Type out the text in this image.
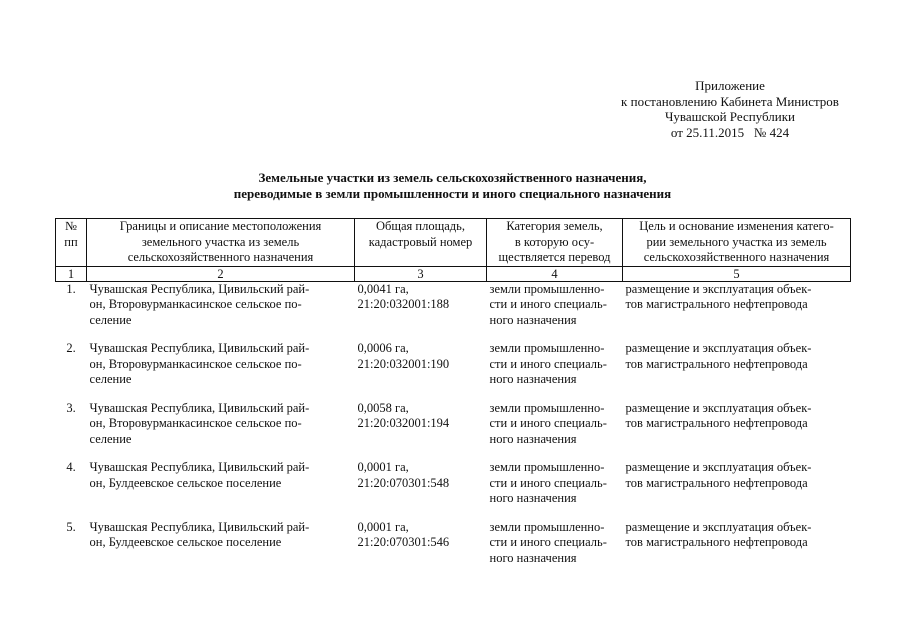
Приложение
к постановлению Кабинета Министров
Чувашской Республики
от 25.11.2015   № 424
Земельные участки из земель сельскохозяйственного назначения,
переводимые в земли промышленности и иного специального назначения
№
пп	Границы и описание местоположения
земельного участка из земель
сельскохозяйственного назначения	Общая площадь,
кадастровый номер	Категория земель,
в которую осу-
ществляется перевод	Цель и основание изменения катего-
рии земельного участка из земель
сельскохозяйственного назначения

1	2	3	4	5
1.	Чувашская Республика, Цивильский рай-
он, Второвурманкасинское сельское по-
селение	0,0041 га,
21:20:032001:188	земли промышленно-
сти и иного специаль-
ного назначения	размещение и эксплуатация объек-
тов магистрального нефтепровода

2.	Чувашская Республика, Цивильский рай-
он, Второвурманкасинское сельское по-
селение	0,0006 га,
21:20:032001:190	земли промышленно-
сти и иного специаль-
ного назначения	размещение и эксплуатация объек-
тов магистрального нефтепровода

3.	Чувашская Республика, Цивильский рай-
он, Второвурманкасинское сельское по-
селение	0,0058 га,
21:20:032001:194	земли промышленно-
сти и иного специаль-
ного назначения	размещение и эксплуатация объек-
тов магистрального нефтепровода

4.	Чувашская Республика, Цивильский рай-
он, Булдеевское сельское поселение	0,0001 га,
21:20:070301:548	земли промышленно-
сти и иного специаль-
ного назначения	размещение и эксплуатация объек-
тов магистрального нефтепровода

5.	Чувашская Республика, Цивильский рай-
он, Булдеевское сельское поселение	0,0001 га,
21:20:070301:546	земли промышленно-
сти и иного специаль-
ного назначения	размещение и эксплуатация объек-
тов магистрального нефтепровода
